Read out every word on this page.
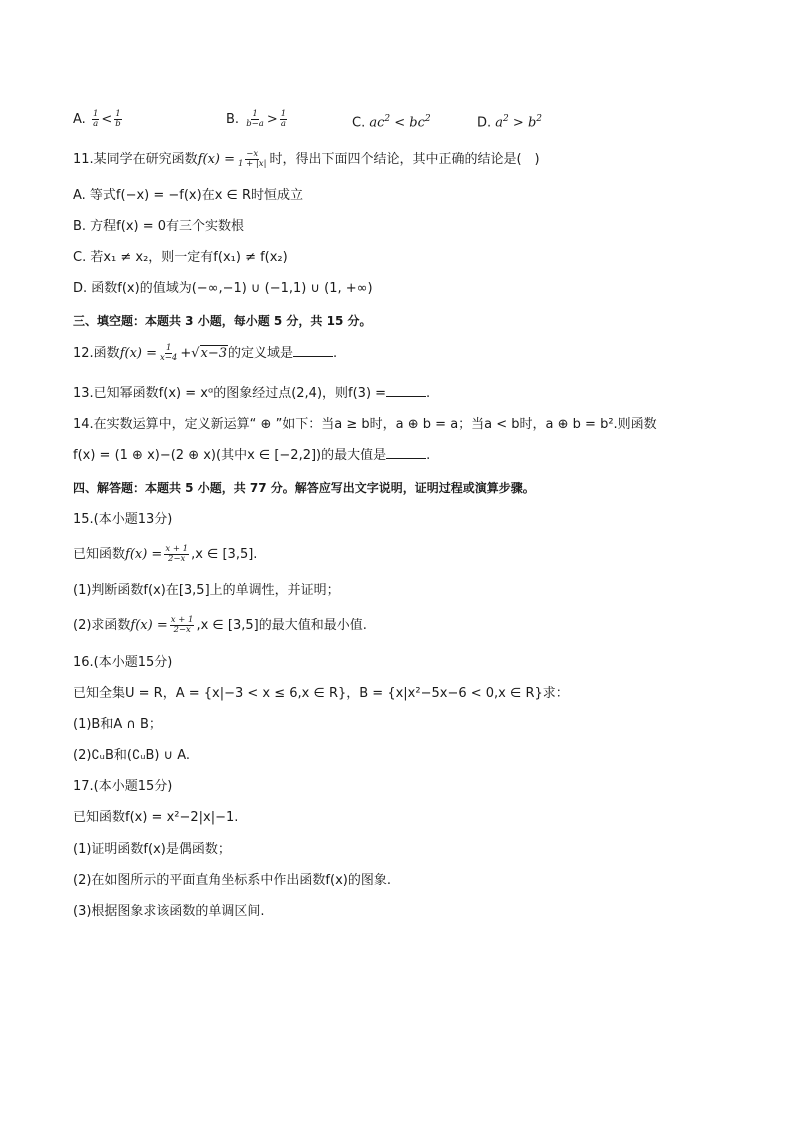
A. $\frac{1}{a} < \frac{1}{b}$	B. $\frac{1}{b-a} > \frac{1}{a}$	C. $ac^2 < bc^2$	D. $a^2 > b^2$
11.某同学在研究函数$f(x) = \frac{-x}{1 + |x|}$ 时，得出下面四个结论，其中正确的结论是(　)
A. 等式f(−x) = −f(x)在x ∈ R时恒成立
B. 方程f(x) = 0有三个实数根
C. 若x₁ ≠ x₂，则一定有f(x₁) ≠ f(x₂)
D. 函数f(x)的值域为(−∞,−1) ∪ (−1,1) ∪ (1, +∞)
三、填空题：本题共 3 小题，每小题 5 分，共 15 分。
12.函数$f(x) = \frac{1}{x-4} +√x-3$的定义域是	.
13.已知幂函数f(x) = xᵅ的图象经过点(2,4)，则f(3) =	.
14.在实数运算中，定义新运算“ ⊕ ”如下：当a ≥ b时，a ⊕ b = a；当a < b时，a ⊕ b = b².则函数
f(x) = (1 ⊕ x)−(2 ⊕ x)(其中x ∈ [−2,2])的最大值是	.
四、解答题：本题共 5 小题，共 77 分。解答应写出文字说明，证明过程或演算步骤。
15.(本小题13分)
已知函数$f(x) = \frac{x + 1}{2-x} ,x$ ∈ [3,5].
(1)判断函数f(x)在[3,5]上的单调性，并证明；
(2)求函数$f(x) = \frac{x + 1}{2-x} ,x$ ∈ [3,5]的最大值和最小值.
16.(本小题15分)
已知全集U = R，A = {x|−3 < x ≤ 6,x ∈ R}，B = {x|x²−5x−6 < 0,x ∈ R}求：
(1)B和A ∩ B；
(2)∁ᵤB和(∁ᵤB) ∪ A.
17.(本小题15分)
已知函数f(x) = x²−2|x|−1.
(1)证明函数f(x)是偶函数；
(2)在如图所示的平面直角坐标系中作出函数f(x)的图象.
(3)根据图象求该函数的单调区间.
